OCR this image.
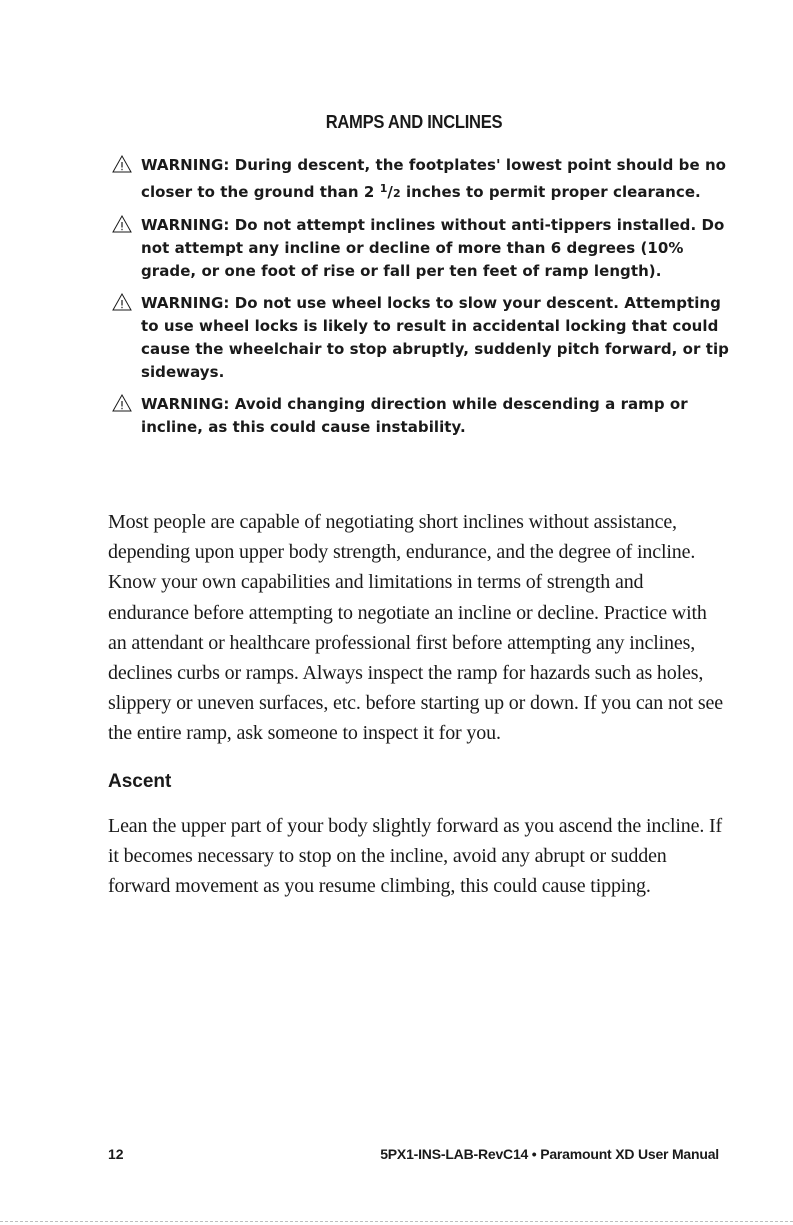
RAMPS AND INCLINES
WARNING: During descent, the footplates' lowest point should be no closer to the ground than 2 $^1$/2 inches to permit proper clearance.
WARNING: Do not attempt inclines without anti-tippers installed. Do not attempt any incline or decline of more than 6 degrees (10% grade, or one foot of rise or fall per ten feet of ramp length).
WARNING: Do not use wheel locks to slow your descent. Attempting to use wheel locks is likely to result in accidental locking that could cause the wheelchair to stop abruptly, suddenly pitch forward, or tip sideways.
WARNING: Avoid changing direction while descending a ramp or incline, as this could cause instability.

Most people are capable of negotiating short inclines without assistance, depending upon upper body strength, endurance, and the degree of incline. Know your own capabilities and limitations in terms of strength and endurance before attempting to negotiate an incline or decline. Practice with an attendant or healthcare professional first before attempting any inclines, declines curbs or ramps. Always inspect the ramp for hazards such as holes, slippery or uneven surfaces, etc. before starting up or down. If you can not see the entire ramp, ask someone to inspect it for you.

Ascent

Lean the upper part of your body slightly forward as you ascend the incline. If it becomes necessary to stop on the incline, avoid any abrupt or sudden forward movement as you resume climbing, this could cause tipping.

12	5PX1-INS-LAB-RevC14 • Paramount XD User Manual
